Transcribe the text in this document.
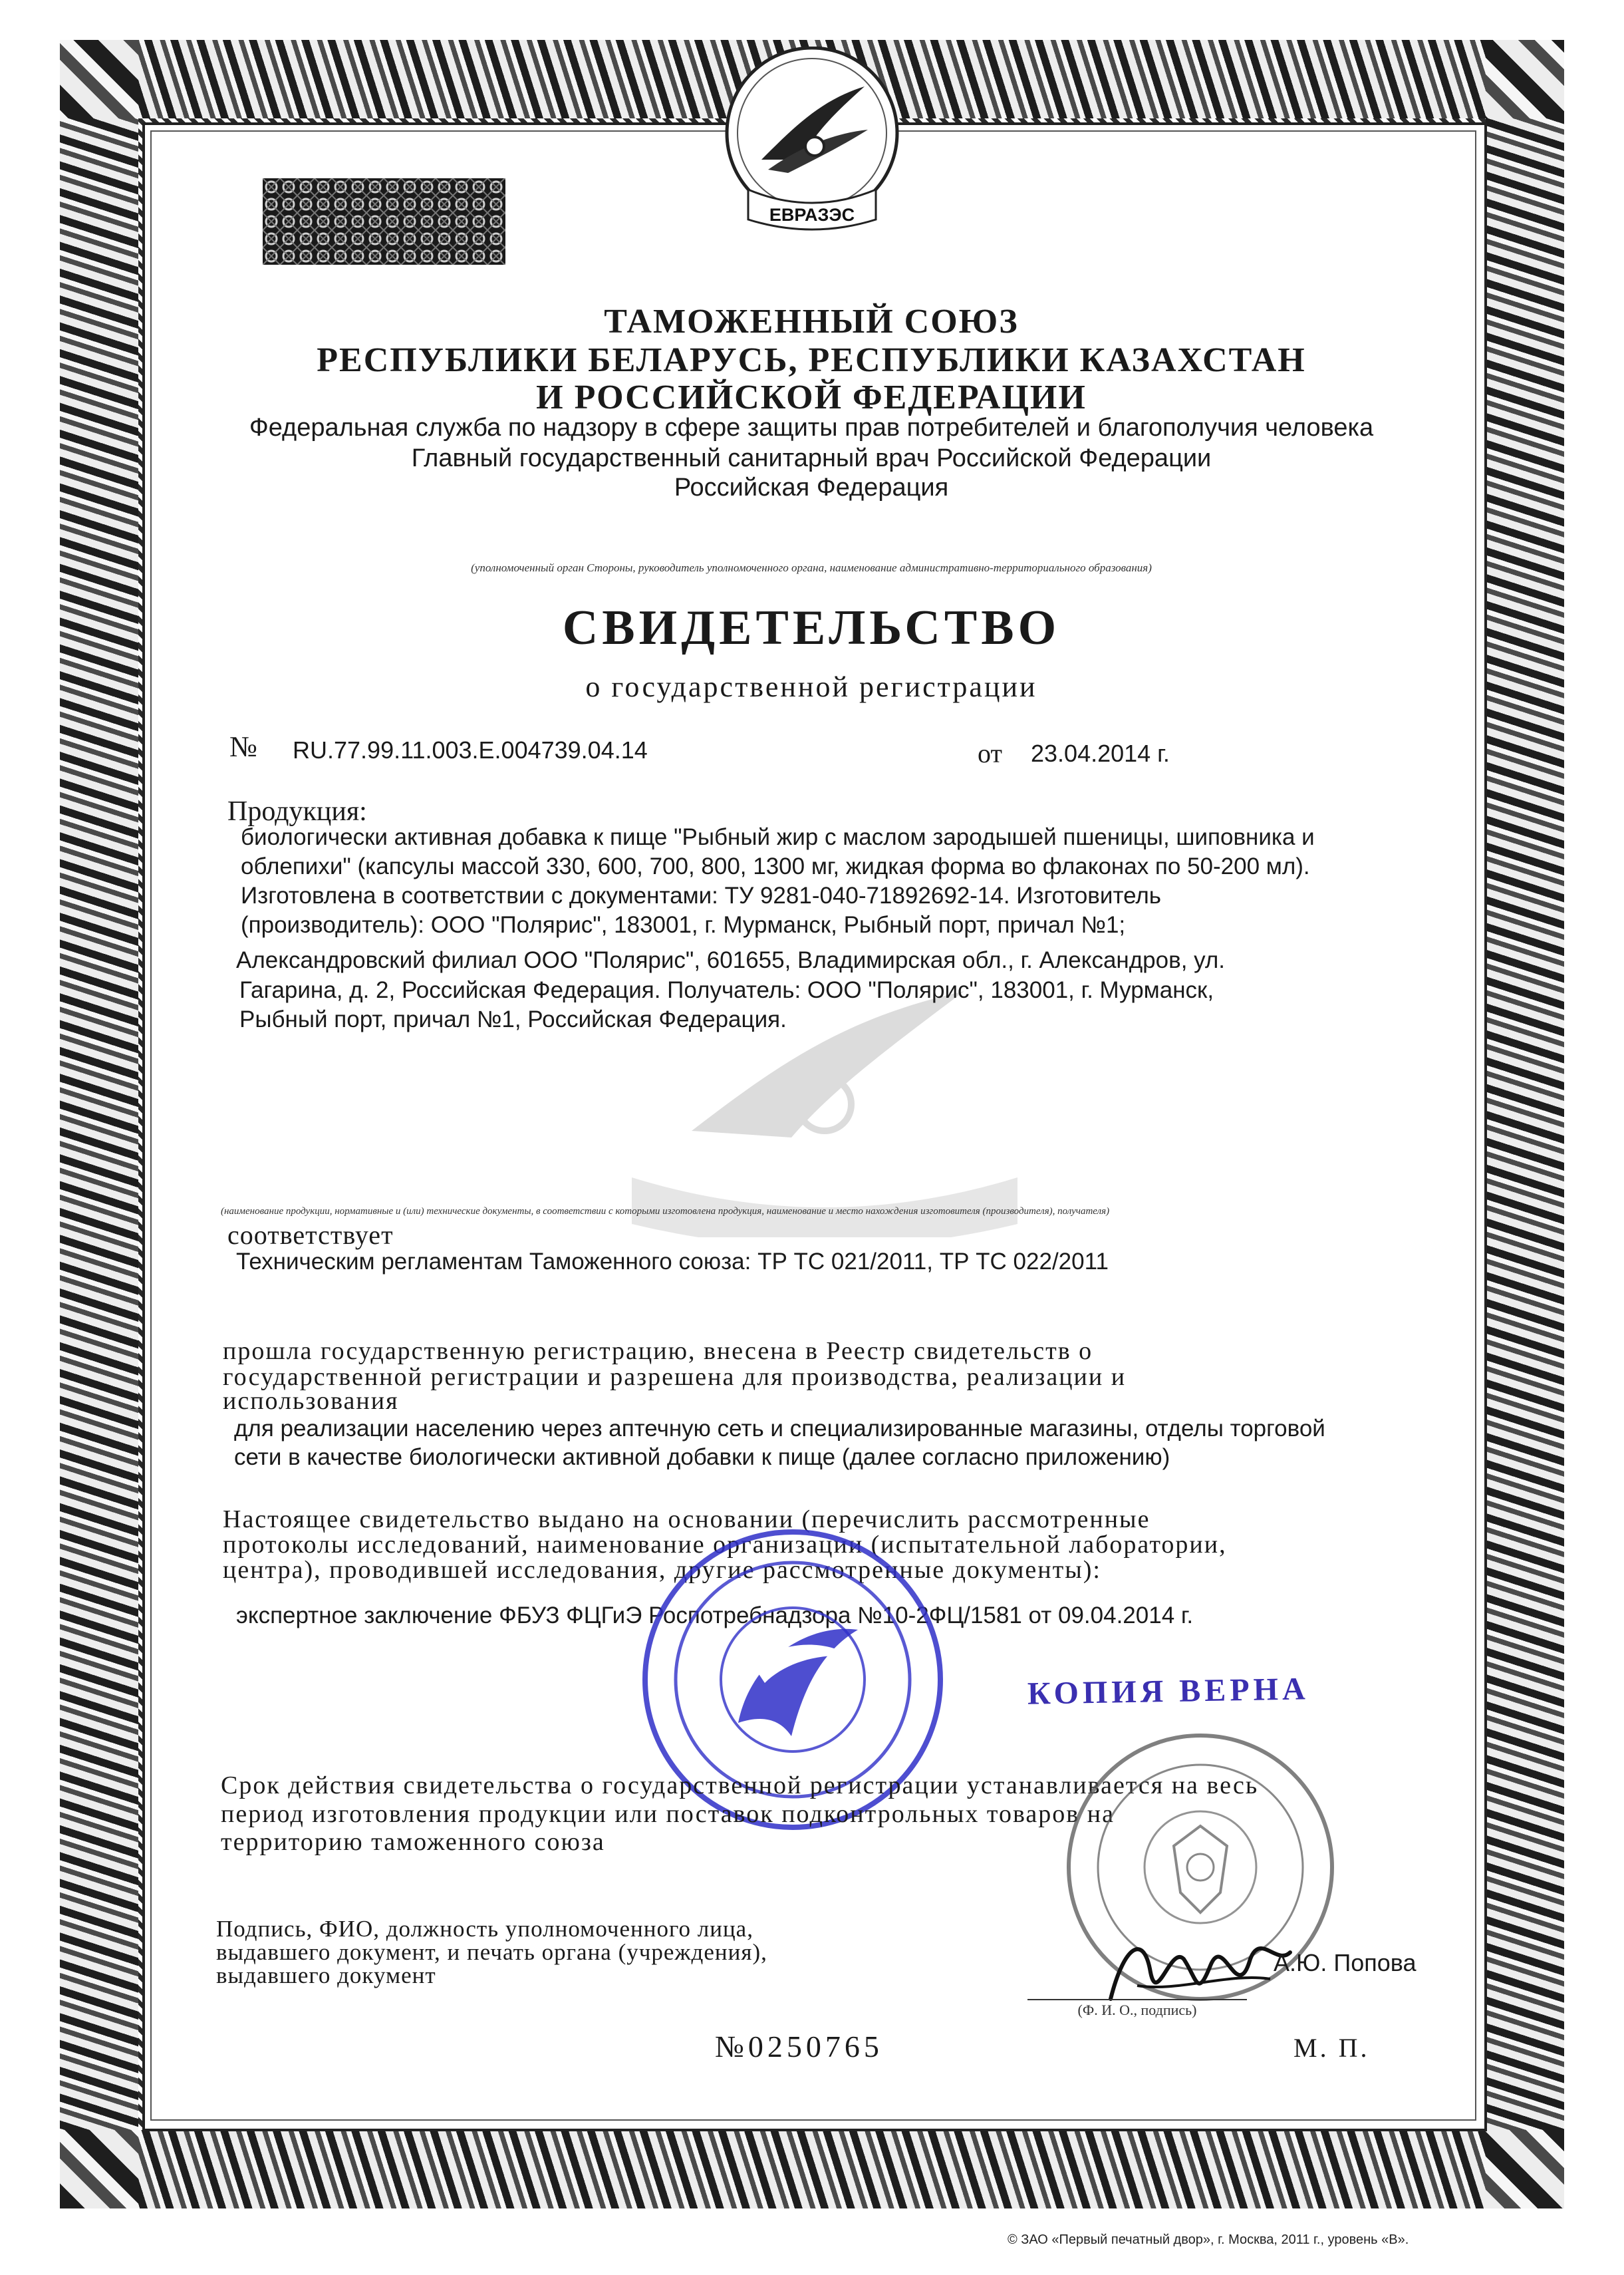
ЕВРАЗЭС
ТАМОЖЕННЫЙ СОЮЗ
РЕСПУБЛИКИ БЕЛАРУСЬ, РЕСПУБЛИКИ КАЗАХСТАН
И РОССИЙСКОЙ ФЕДЕРАЦИИ
Федеральная служба по надзору в сфере защиты прав потребителей и благополучия человека
Главный государственный санитарный врач Российской Федерации
Российская Федерация
(уполномоченный орган Стороны, руководитель уполномоченного органа, наименование административно-территориального образования)
СВИДЕТЕЛЬСТВО
о государственной регистрации
№ RU.77.99.11.003.Е.004739.04.14	от 23.04.2014 г.
Продукция:
биологически активная добавка к пище "Рыбный жир с маслом зародышей пшеницы, шиповника и
облепихи" (капсулы массой 330, 600, 700, 800, 1300 мг, жидкая форма во флаконах по 50-200 мл).
Изготовлена в соответствии с документами: ТУ 9281-040-71892692-14. Изготовитель
(производитель): ООО "Полярис", 183001, г. Мурманск, Рыбный порт, причал №1;
Александровский филиал ООО "Полярис", 601655, Владимирская обл., г. Александров, ул.
Гагарина, д. 2, Российская Федерация. Получатель: ООО "Полярис", 183001, г. Мурманск,
Рыбный порт, причал №1, Российская Федерация.
(наименование продукции, нормативные и (или) технические документы, в соответствии с которыми изготовлена продукция, наименование и место нахождения изготовителя (производителя), получателя)
соответствует
Техническим регламентам Таможенного союза: ТР ТС 021/2011, ТР ТС 022/2011
прошла государственную регистрацию, внесена в Реестр свидетельств о
государственной регистрации и разрешена для производства, реализации и
использования
для реализации населению через аптечную сеть и специализированные магазины, отделы торговой
сети в качестве биологически активной добавки к пище (далее согласно приложению)
Настоящее свидетельство выдано на основании (перечислить рассмотренные
протоколы исследований, наименование организации (испытательной лаборатории,
центра), проводившей исследования, другие рассмотренные документы):
экспертное заключение ФБУЗ ФЦГиЭ Роспотребнадзора №10-2ФЦ/1581 от 09.04.2014 г.
КОПИЯ ВЕРНА
Срок действия свидетельства о государственной регистрации устанавливается на весь
период изготовления продукции или поставок подконтрольных товаров на
территорию таможенного союза
Подпись, ФИО, должность уполномоченного лица,
выдавшего документ, и печать органа (учреждения),
выдавшего документ	А.Ю. Попова
(Ф. И. О., подпись)
№0250765	М. П.
© ЗАО «Первый печатный двор», г. Москва, 2011 г., уровень «В».
